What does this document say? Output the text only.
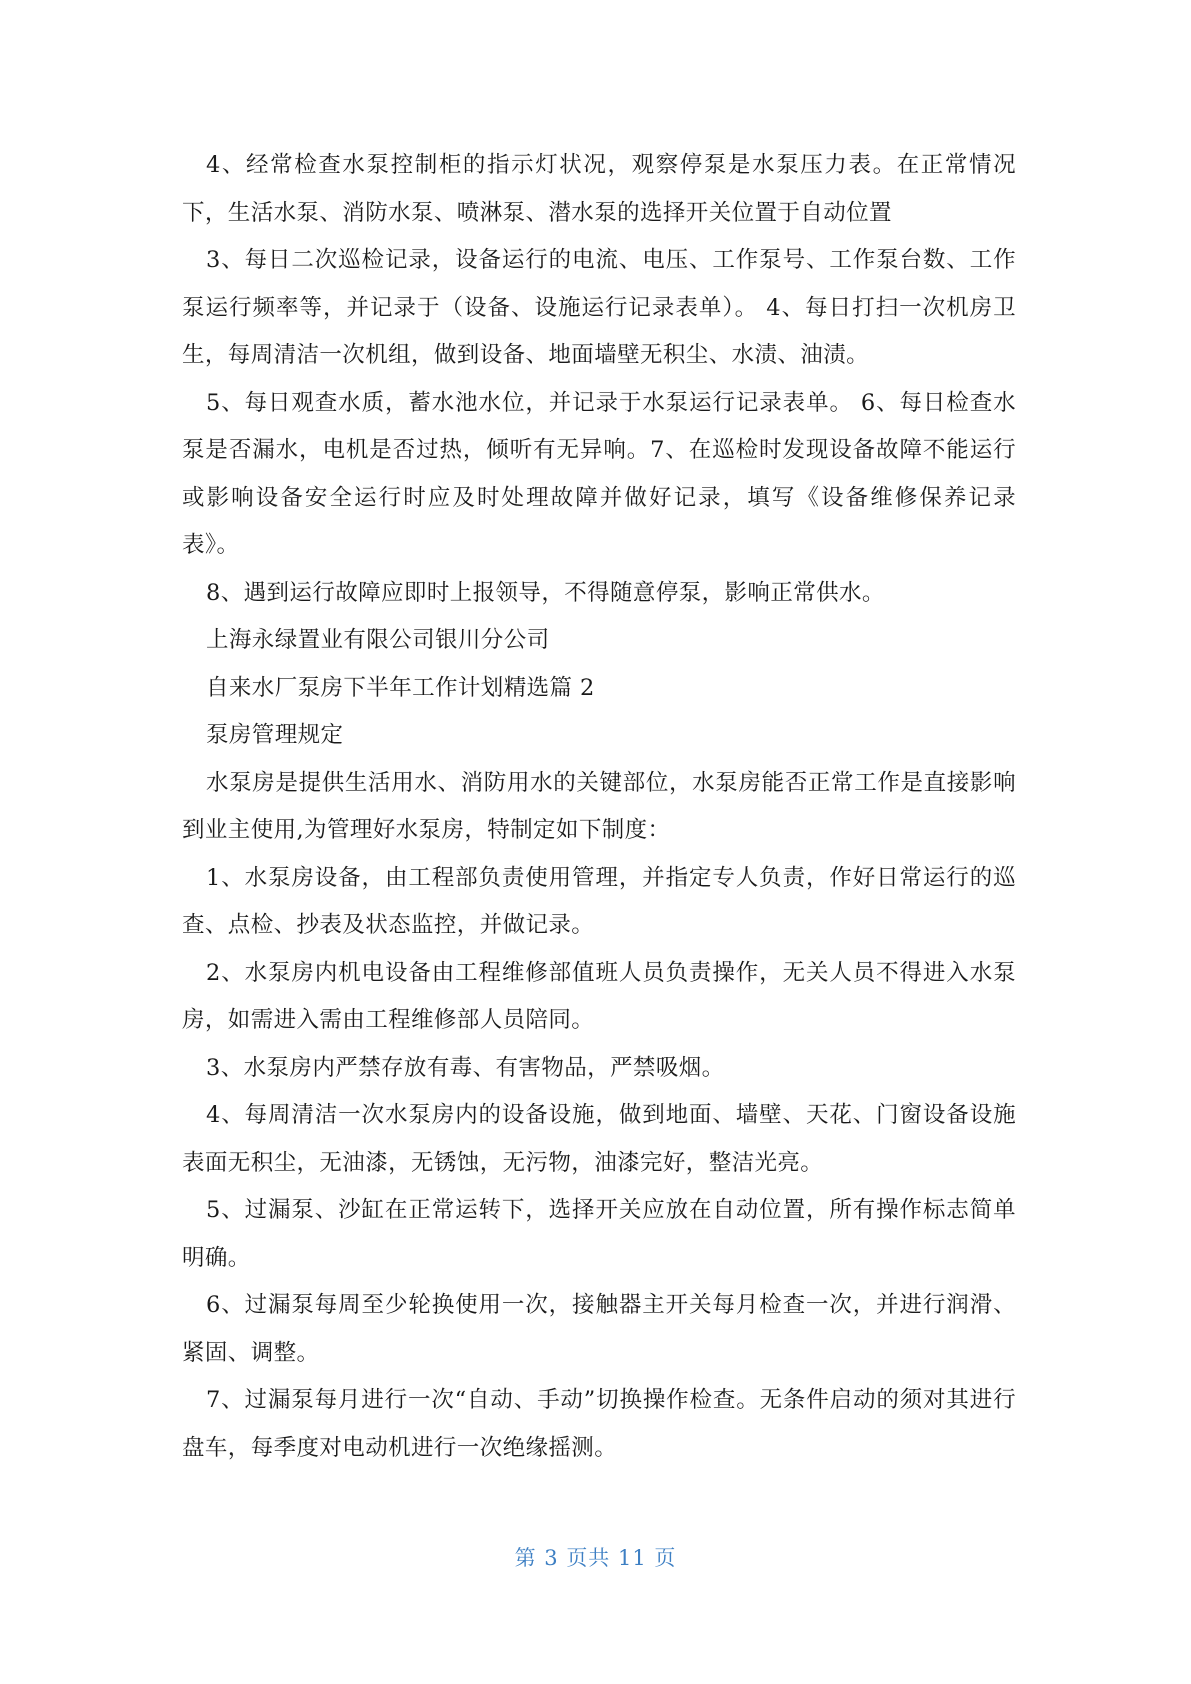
4、经常检查水泵控制柜的指示灯状况，观察停泵是水泵压力表。在正常情况下，生活水泵、消防水泵、喷淋泵、潜水泵的选择开关位置于自动位置

3、每日二次巡检记录，设备运行的电流、电压、工作泵号、工作泵台数、工作泵运行频率等，并记录于（设备、设施运行记录表单）。 4、每日打扫一次机房卫生，每周清洁一次机组，做到设备、地面墙壁无积尘、水渍、油渍。

5、每日观查水质，蓄水池水位，并记录于水泵运行记录表单。 6、每日检查水泵是否漏水，电机是否过热，倾听有无异响。7、在巡检时发现设备故障不能运行或影响设备安全运行时应及时处理故障并做好记录，填写《设备维修保养记录表》。

8、遇到运行故障应即时上报领导，不得随意停泵，影响正常供水。

上海永绿置业有限公司银川分公司

自来水厂泵房下半年工作计划精选篇 2

泵房管理规定

水泵房是提供生活用水、消防用水的关键部位，水泵房能否正常工作是直接影响到业主使用,为管理好水泵房，特制定如下制度：

1、水泵房设备，由工程部负责使用管理，并指定专人负责，作好日常运行的巡查、点检、抄表及状态监控，并做记录。

2、水泵房内机电设备由工程维修部值班人员负责操作，无关人员不得进入水泵房，如需进入需由工程维修部人员陪同。

3、水泵房内严禁存放有毒、有害物品，严禁吸烟。

4、每周清洁一次水泵房内的设备设施，做到地面、墙壁、天花、门窗设备设施表面无积尘，无油漆，无锈蚀，无污物，油漆完好，整洁光亮。

5、过漏泵、沙缸在正常运转下，选择开关应放在自动位置，所有操作标志简单明确。

6、过漏泵每周至少轮换使用一次，接触器主开关每月检查一次，并进行润滑、紧固、调整。

7、过漏泵每月进行一次“自动、手动”切换操作检查。无条件启动的须对其进行盘车，每季度对电动机进行一次绝缘摇测。

第 3 页共 11 页
